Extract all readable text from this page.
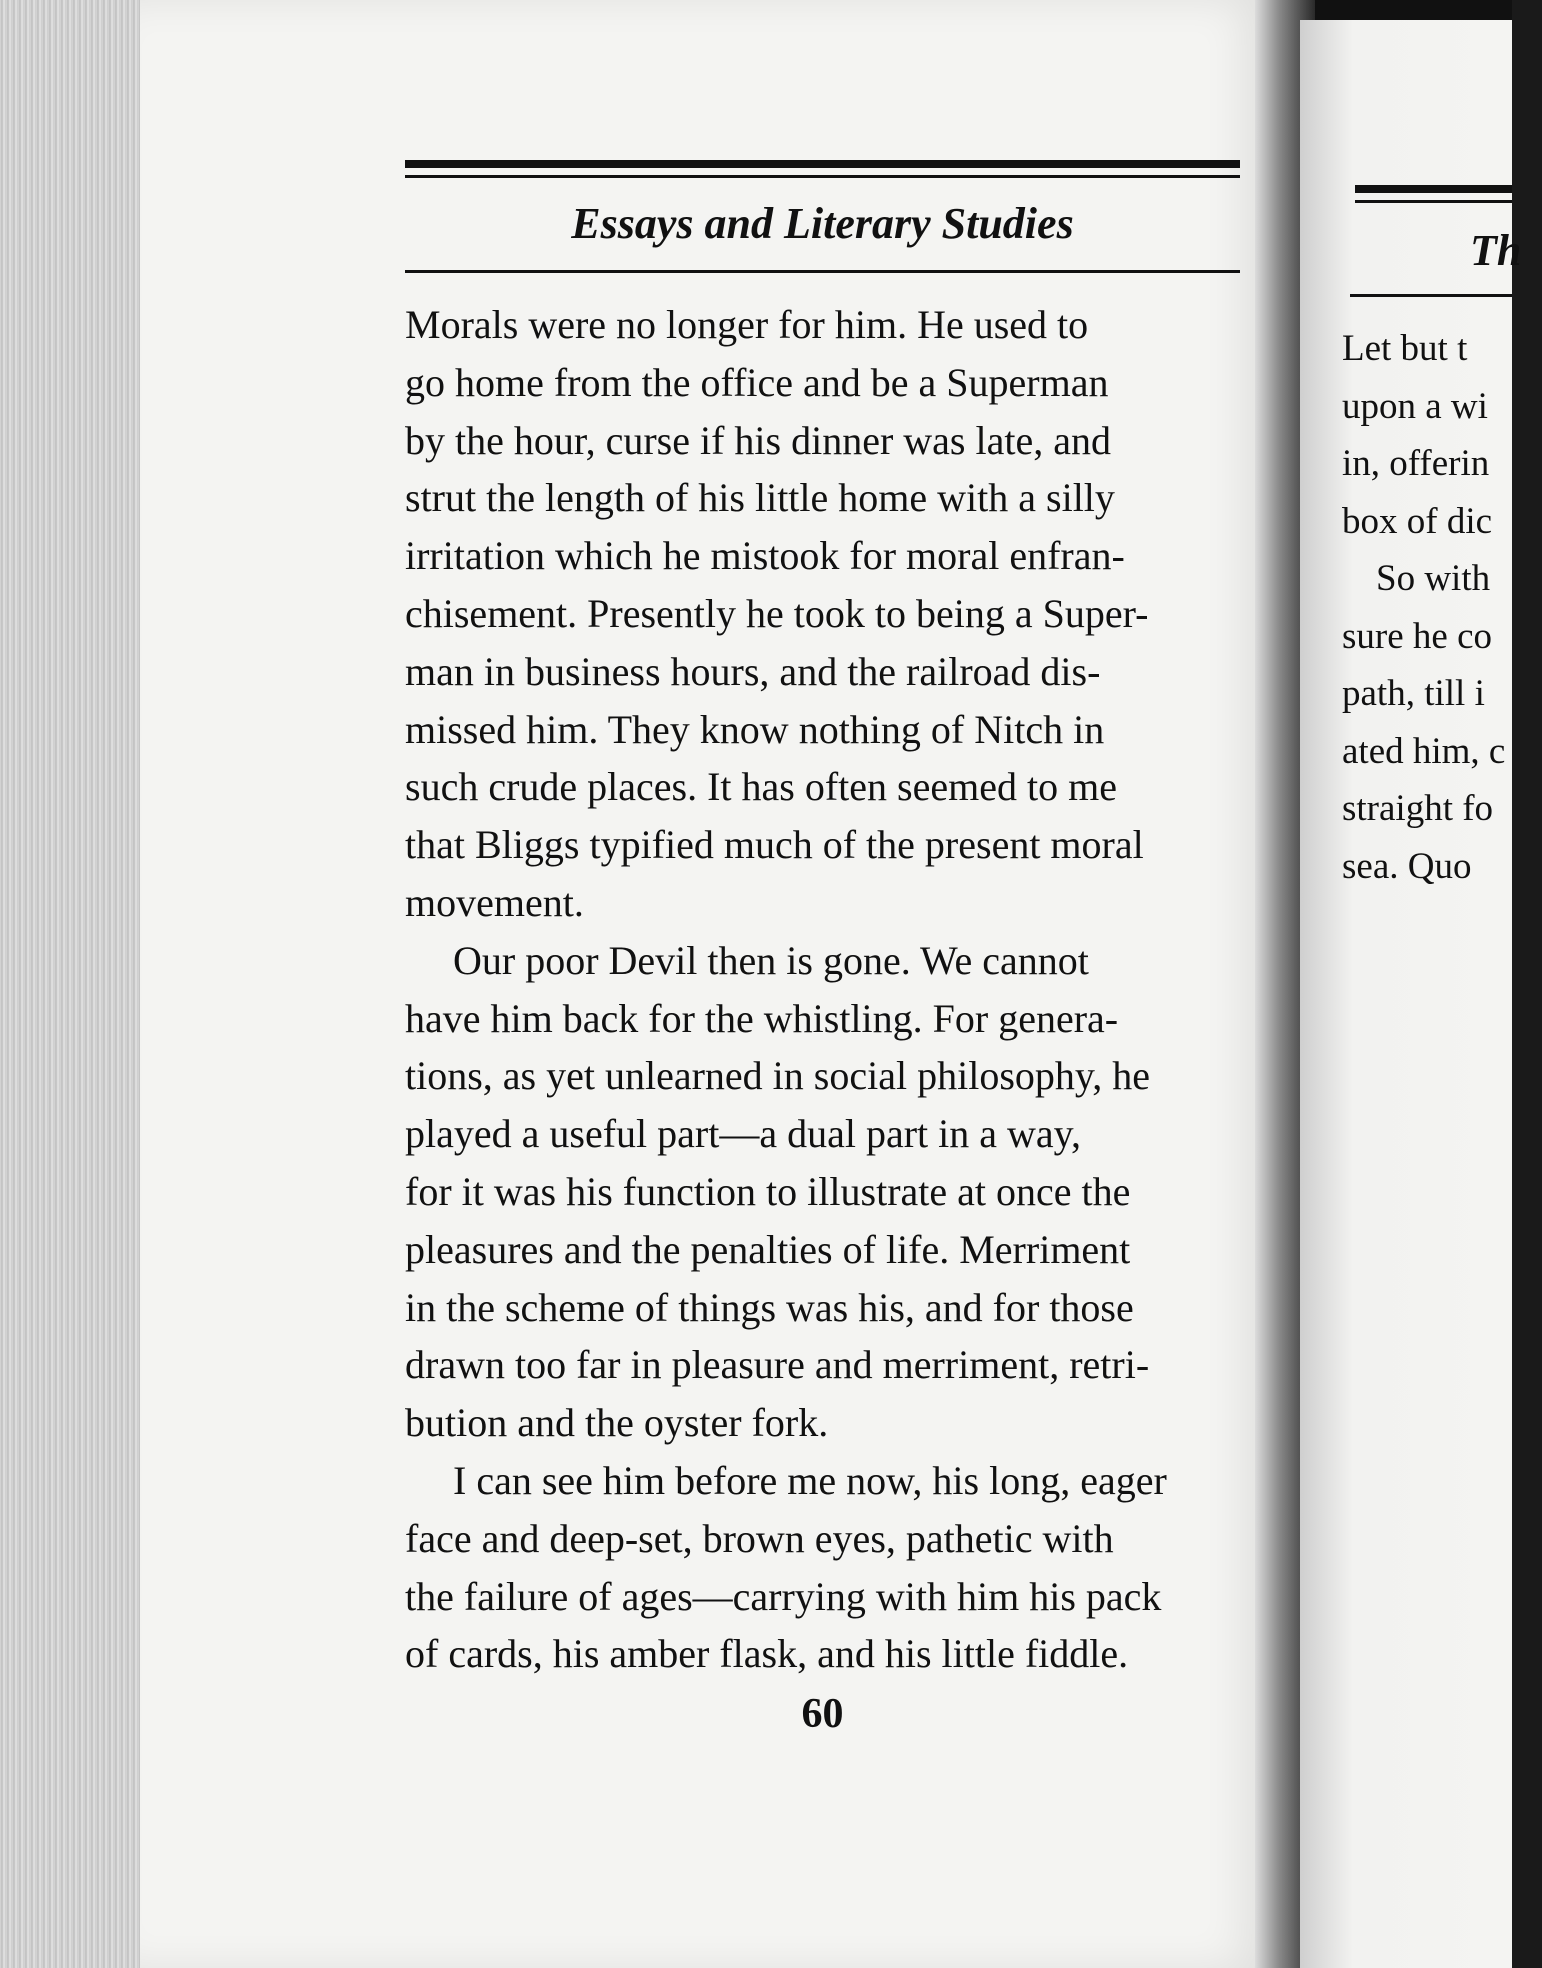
Essays and Literary Studies
Morals were no longer for him. He used to
go home from the office and be a Superman
by the hour, curse if his dinner was late, and
strut the length of his little home with a silly
irritation which he mistook for moral enfran-
chisement. Presently he took to being a Super-
man in business hours, and the railroad dis-
missed him. They know nothing of Nitch in
such crude places. It has often seemed to me
that Bliggs typified much of the present moral
movement.
Our poor Devil then is gone. We cannot
have him back for the whistling. For genera-
tions, as yet unlearned in social philosophy, he
played a useful part—a dual part in a way,
for it was his function to illustrate at once the
pleasures and the penalties of life. Merriment
in the scheme of things was his, and for those
drawn too far in pleasure and merriment, retri-
bution and the oyster fork.
I can see him before me now, his long, eager
face and deep-set, brown eyes, pathetic with
the failure of ages—carrying with him his pack
of cards, his amber flask, and his little fiddle.
60
Th
Let but t
upon a wi
in, offerin
box of dic
So with
sure he co
path, till i
ated him, c
straight fo
sea. Quo
